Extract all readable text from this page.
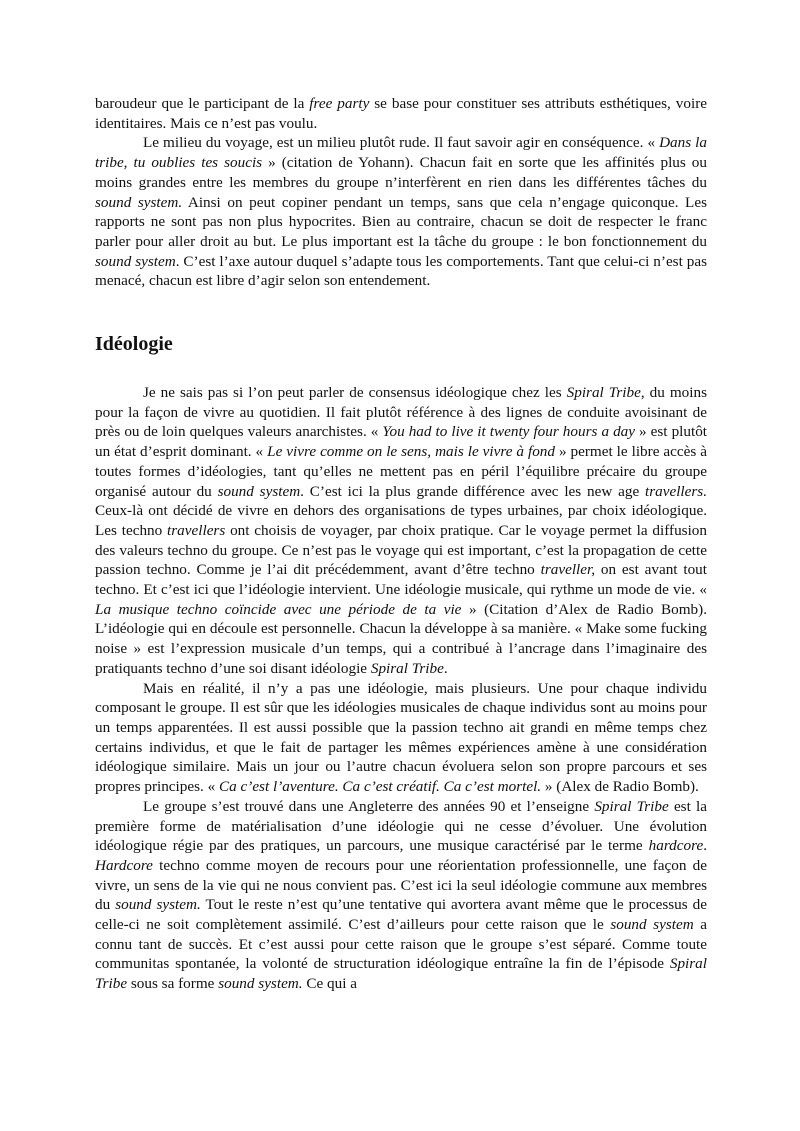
baroudeur que le participant de la free party se base pour constituer ses attributs esthétiques, voire identitaires. Mais ce n’est pas voulu.

Le milieu du voyage, est un milieu plutôt rude. Il faut savoir agir en conséquence. « Dans la tribe, tu oublies tes soucis » (citation de Yohann). Chacun fait en sorte que les affinités plus ou moins grandes entre les membres du groupe n’interfèrent en rien dans les différentes tâches du sound system. Ainsi on peut copiner pendant un temps, sans que cela n’engage quiconque. Les rapports ne sont pas non plus hypocrites. Bien au contraire, chacun se doit de respecter le franc parler pour aller droit au but. Le plus important est la tâche du groupe : le bon fonctionnement du sound system. C’est l’axe autour duquel s’adapte tous les comportements. Tant que celui-ci n’est pas menacé, chacun est libre d’agir selon son entendement.

Idéologie

Je ne sais pas si l’on peut parler de consensus idéologique chez les Spiral Tribe, du moins pour la façon de vivre au quotidien. Il fait plutôt référence à des lignes de conduite avoisinant de près ou de loin quelques valeurs anarchistes. « You had to live it twenty four hours a day » est plutôt un état d’esprit dominant. « Le vivre comme on le sens, mais le vivre à fond » permet le libre accès à toutes formes d’idéologies, tant qu’elles ne mettent pas en péril l’équilibre précaire du groupe organisé autour du sound system. C’est ici la plus grande différence avec les new age travellers. Ceux-là ont décidé de vivre en dehors des organisations de types urbaines, par choix idéologique. Les techno travellers ont choisis de voyager, par choix pratique. Car le voyage permet la diffusion des valeurs techno du groupe. Ce n’est pas le voyage qui est important, c’est la propagation de cette passion techno. Comme je l’ai dit précédemment, avant d’être techno traveller, on est avant tout techno. Et c’est ici que l’idéologie intervient. Une idéologie musicale, qui rythme un mode de vie. « La musique techno coïncide avec une période de ta vie » (Citation d’Alex de Radio Bomb). L’idéologie qui en découle est personnelle. Chacun la développe à sa manière. « Make some fucking noise » est l’expression musicale d’un temps, qui a contribué à l’ancrage dans l’imaginaire des pratiquants techno d’une soi disant idéologie Spiral Tribe.

Mais en réalité, il n’y a pas une idéologie, mais plusieurs. Une pour chaque individu composant le groupe. Il est sûr que les idéologies musicales de chaque individus sont au moins pour un temps apparentées. Il est aussi possible que la passion techno ait grandi en même temps chez certains individus, et que le fait de partager les mêmes expériences amène à une considération idéologique similaire. Mais un jour ou l’autre chacun évoluera selon son propre parcours et ses propres principes. « Ca c’est l’aventure. Ca c’est créatif. Ca c’est mortel. » (Alex de Radio Bomb).

Le groupe s’est trouvé dans une Angleterre des années 90 et l’enseigne Spiral Tribe est la première forme de matérialisation d’une idéologie qui ne cesse d’évoluer. Une évolution idéologique régie par des pratiques, un parcours, une musique caractérisé par le terme hardcore. Hardcore techno comme moyen de recours pour une réorientation professionnelle, une façon de vivre, un sens de la vie qui ne nous convient pas. C’est ici la seul idéologie commune aux membres du sound system. Tout le reste n’est qu’une tentative qui avortera avant même que le processus de celle-ci ne soit complètement assimilé. C’est d’ailleurs pour cette raison que le sound system a connu tant de succès. Et c’est aussi pour cette raison que le groupe s’est séparé. Comme toute communitas spontanée, la volonté de structuration idéologique entraîne la fin de l’épisode Spiral Tribe sous sa forme sound system. Ce qui a
